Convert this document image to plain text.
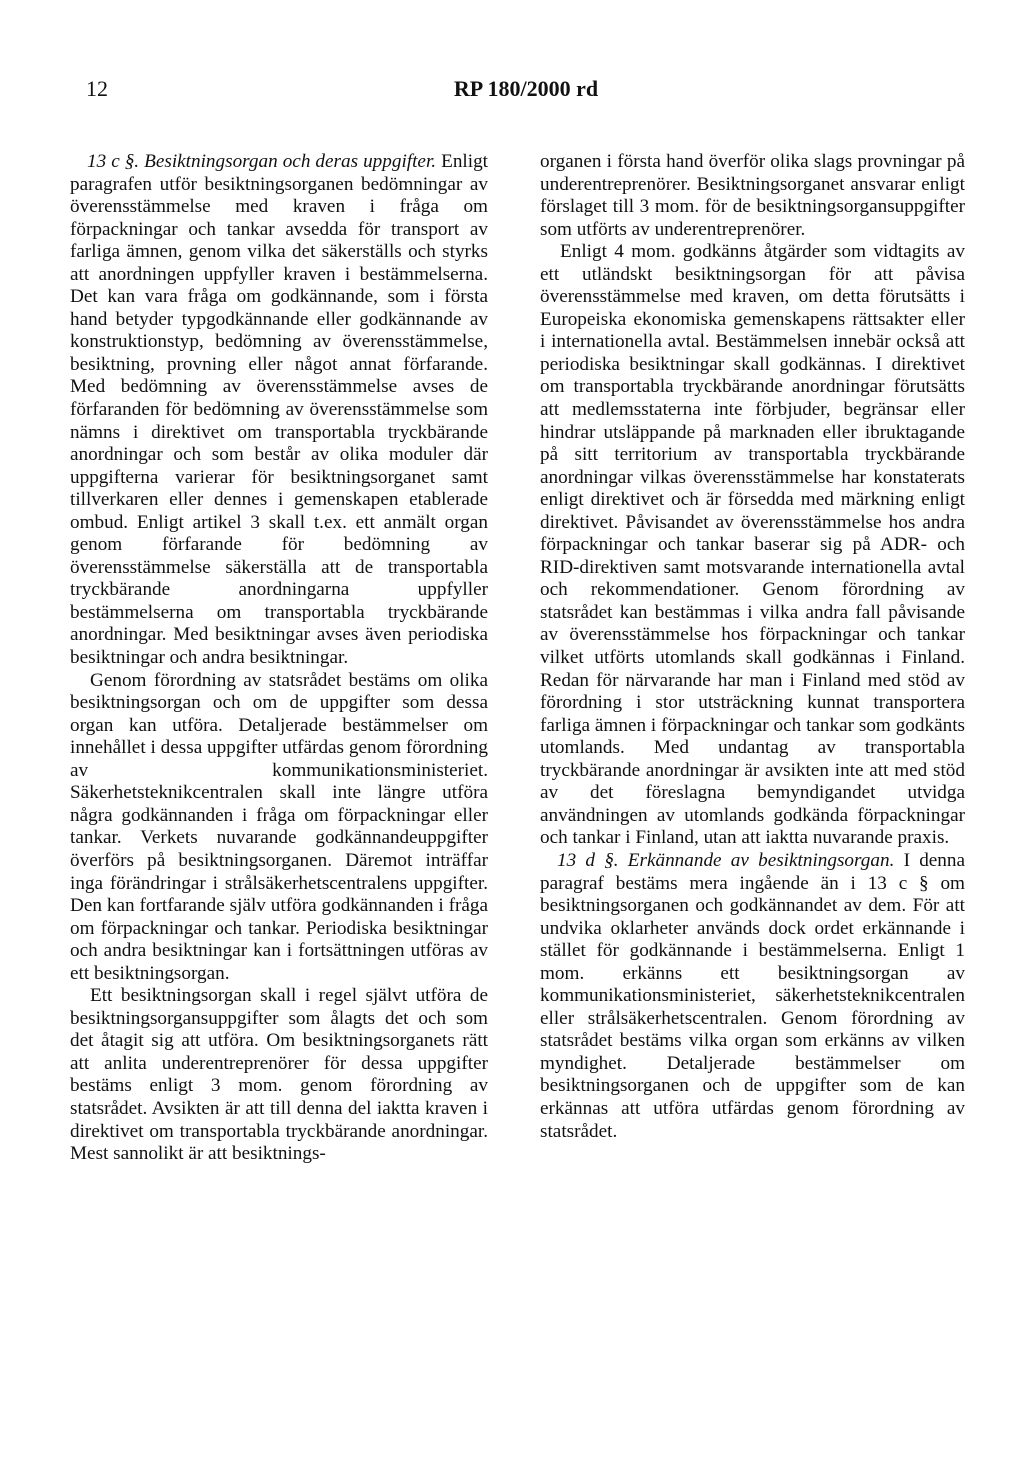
12	RP 180/2000 rd

13 c §. Besiktningsorgan och deras uppgifter. Enligt paragrafen utför besiktningsorganen bedömningar av överensstämmelse med kraven i fråga om förpackningar och tankar avsedda för transport av farliga ämnen, genom vilka det säkerställs och styrks att anordningen uppfyller kraven i bestämmelserna. Det kan vara fråga om godkännande, som i första hand betyder typgodkännande eller godkännande av konstruktionstyp, bedömning av överensstämmelse, besiktning, provning eller något annat förfarande. Med bedömning av överensstämmelse avses de förfaranden för bedömning av överensstämmelse som nämns i direktivet om transportabla tryckbärande anordningar och som består av olika moduler där uppgifterna varierar för besiktningsorganet samt tillverkaren eller dennes i gemenskapen etablerade ombud. Enligt artikel 3 skall t.ex. ett anmält organ genom förfarande för bedömning av överensstämmelse säkerställa att de transportabla tryckbärande anordningarna uppfyller bestämmelserna om transportabla tryckbärande anordningar. Med besiktningar avses även periodiska besiktningar och andra besiktningar.

Genom förordning av statsrådet bestäms om olika besiktningsorgan och om de uppgifter som dessa organ kan utföra. Detaljerade bestämmelser om innehållet i dessa uppgifter utfärdas genom förordning av kommunikationsministeriet. Säkerhetsteknikcentralen skall inte längre utföra några godkännanden i fråga om förpackningar eller tankar. Verkets nuvarande godkännandeuppgifter överförs på besiktningsorganen. Däremot inträffar inga förändringar i strålsäkerhetscentralens uppgifter. Den kan fortfarande själv utföra godkännanden i fråga om förpackningar och tankar. Periodiska besiktningar och andra besiktningar kan i fortsättningen utföras av ett besiktningsorgan.

Ett besiktningsorgan skall i regel självt utföra de besiktningsorgansuppgifter som ålagts det och som det åtagit sig att utföra. Om besiktningsorganets rätt att anlita underentreprenörer för dessa uppgifter bestäms enligt 3 mom. genom förordning av statsrådet. Avsikten är att till denna del iaktta kraven i direktivet om transportabla tryckbärande anordningar. Mest sannolikt är att besiktnings-

organen i första hand överför olika slags provningar på underentreprenörer. Besiktningsorganet ansvarar enligt förslaget till 3 mom. för de besiktningsorgansuppgifter som utförts av underentreprenörer.

Enligt 4 mom. godkänns åtgärder som vidtagits av ett utländskt besiktningsorgan för att påvisa överensstämmelse med kraven, om detta förutsätts i Europeiska ekonomiska gemenskapens rättsakter eller i internationella avtal. Bestämmelsen innebär också att periodiska besiktningar skall godkännas. I direktivet om transportabla tryckbärande anordningar förutsätts att medlemsstaterna inte förbjuder, begränsar eller hindrar utsläppande på marknaden eller ibruktagande på sitt territorium av transportabla tryckbärande anordningar vilkas överensstämmelse har konstaterats enligt direktivet och är försedda med märkning enligt direktivet. Påvisandet av överensstämmelse hos andra förpackningar och tankar baserar sig på ADR- och RID-direktiven samt motsvarande internationella avtal och rekommendationer. Genom förordning av statsrådet kan bestämmas i vilka andra fall påvisande av överensstämmelse hos förpackningar och tankar vilket utförts utomlands skall godkännas i Finland. Redan för närvarande har man i Finland med stöd av förordning i stor utsträckning kunnat transportera farliga ämnen i förpackningar och tankar som godkänts utomlands. Med undantag av transportabla tryckbärande anordningar är avsikten inte att med stöd av det föreslagna bemyndigandet utvidga användningen av utomlands godkända förpackningar och tankar i Finland, utan att iaktta nuvarande praxis.

13 d §. Erkännande av besiktningsorgan. I denna paragraf bestäms mera ingående än i 13 c § om besiktningsorganen och godkännandet av dem. För att undvika oklarheter används dock ordet erkännande i stället för godkännande i bestämmelserna. Enligt 1 mom. erkänns ett besiktningsorgan av kommunikationsministeriet, säkerhetsteknikcentralen eller strålsäkerhetscentralen. Genom förordning av statsrådet bestäms vilka organ som erkänns av vilken myndighet. Detaljerade bestämmelser om besiktningsorganen och de uppgifter som de kan erkännas att utföra utfärdas genom förordning av statsrådet.
